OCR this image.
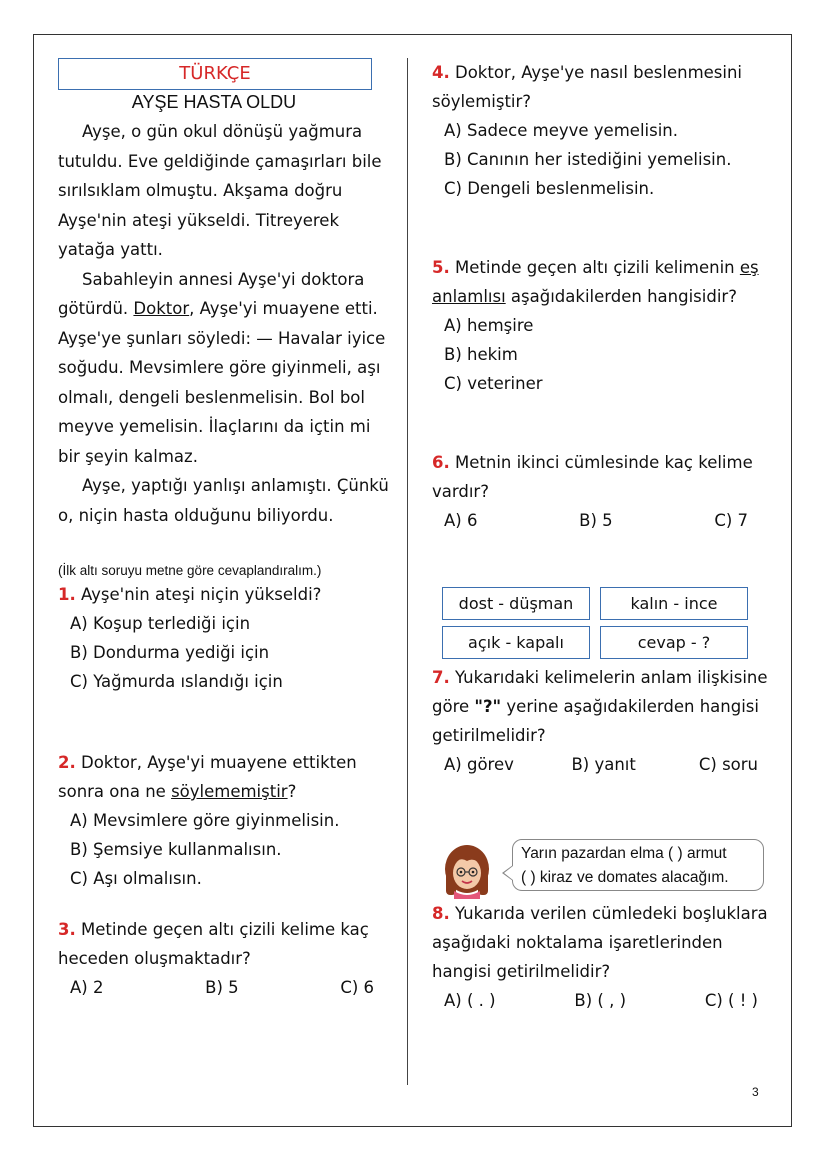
TÜRKÇE
AYŞE HASTA OLDU

Ayşe, o gün okul dönüşü yağmura tutuldu. Eve geldiğinde çamaşırları bile sırılsıklam olmuştu. Akşama doğru Ayşe'nin ateşi yükseldi. Titreyerek yatağa yattı.

Sabahleyin annesi Ayşe'yi doktora götürdü. Doktor, Ayşe'yi muayene etti. Ayşe'ye şunları söyledi: — Havalar iyice soğudu. Mevsimlere göre giyinmeli, aşı olmalı, dengeli beslenmelisin. Bol bol meyve yemelisin. İlaçlarını da içtin mi bir şeyin kalmaz.

Ayşe, yaptığı yanlışı anlamıştı. Çünkü o, niçin hasta olduğunu biliyordu.

(İlk altı soruyu metne göre cevaplandıralım.)

1. Ayşe'nin ateşi niçin yükseldi?

A) Koşup terlediği için
B) Dondurma yediği için
C) Yağmurda ıslandığı için

2. Doktor, Ayşe'yi muayene ettikten sonra ona ne söylememiştir?

A) Mevsimlere göre giyinmelisin.
B) Şemsiye kullanmalısın.
C) Aşı olmalısın.

3. Metinde geçen altı çizili kelime kaç heceden oluşmaktadır?

A) 2	B) 5	C) 6

4. Doktor, Ayşe'ye nasıl beslenmesini söylemiştir?

A) Sadece meyve yemelisin.
B) Canının her istediğini yemelisin.
C) Dengeli beslenmelisin.

5. Metinde geçen altı çizili kelimenin eş anlamlısı aşağıdakilerden hangisidir?

A) hemşire
B) hekim
C) veteriner

6. Metnin ikinci cümlesinde kaç kelime vardır?

A) 6	B) 5	C) 7
dost - düşman	kalın - ince
açık - kapalı	cevap - ?

7. Yukarıdaki kelimelerin anlam ilişkisine göre "?" yerine aşağıdakilerden hangisi getirilmelidir?

A) görev	B) yanıt	C) soru
Yarın pazardan elma ( ) armut
( ) kiraz ve domates alacağım.

8. Yukarıda verilen cümledeki boşluklara aşağıdaki noktalama işaretlerinden hangisi getirilmelidir?

A) ( . )	B) ( , )	C) ( ! )
3
